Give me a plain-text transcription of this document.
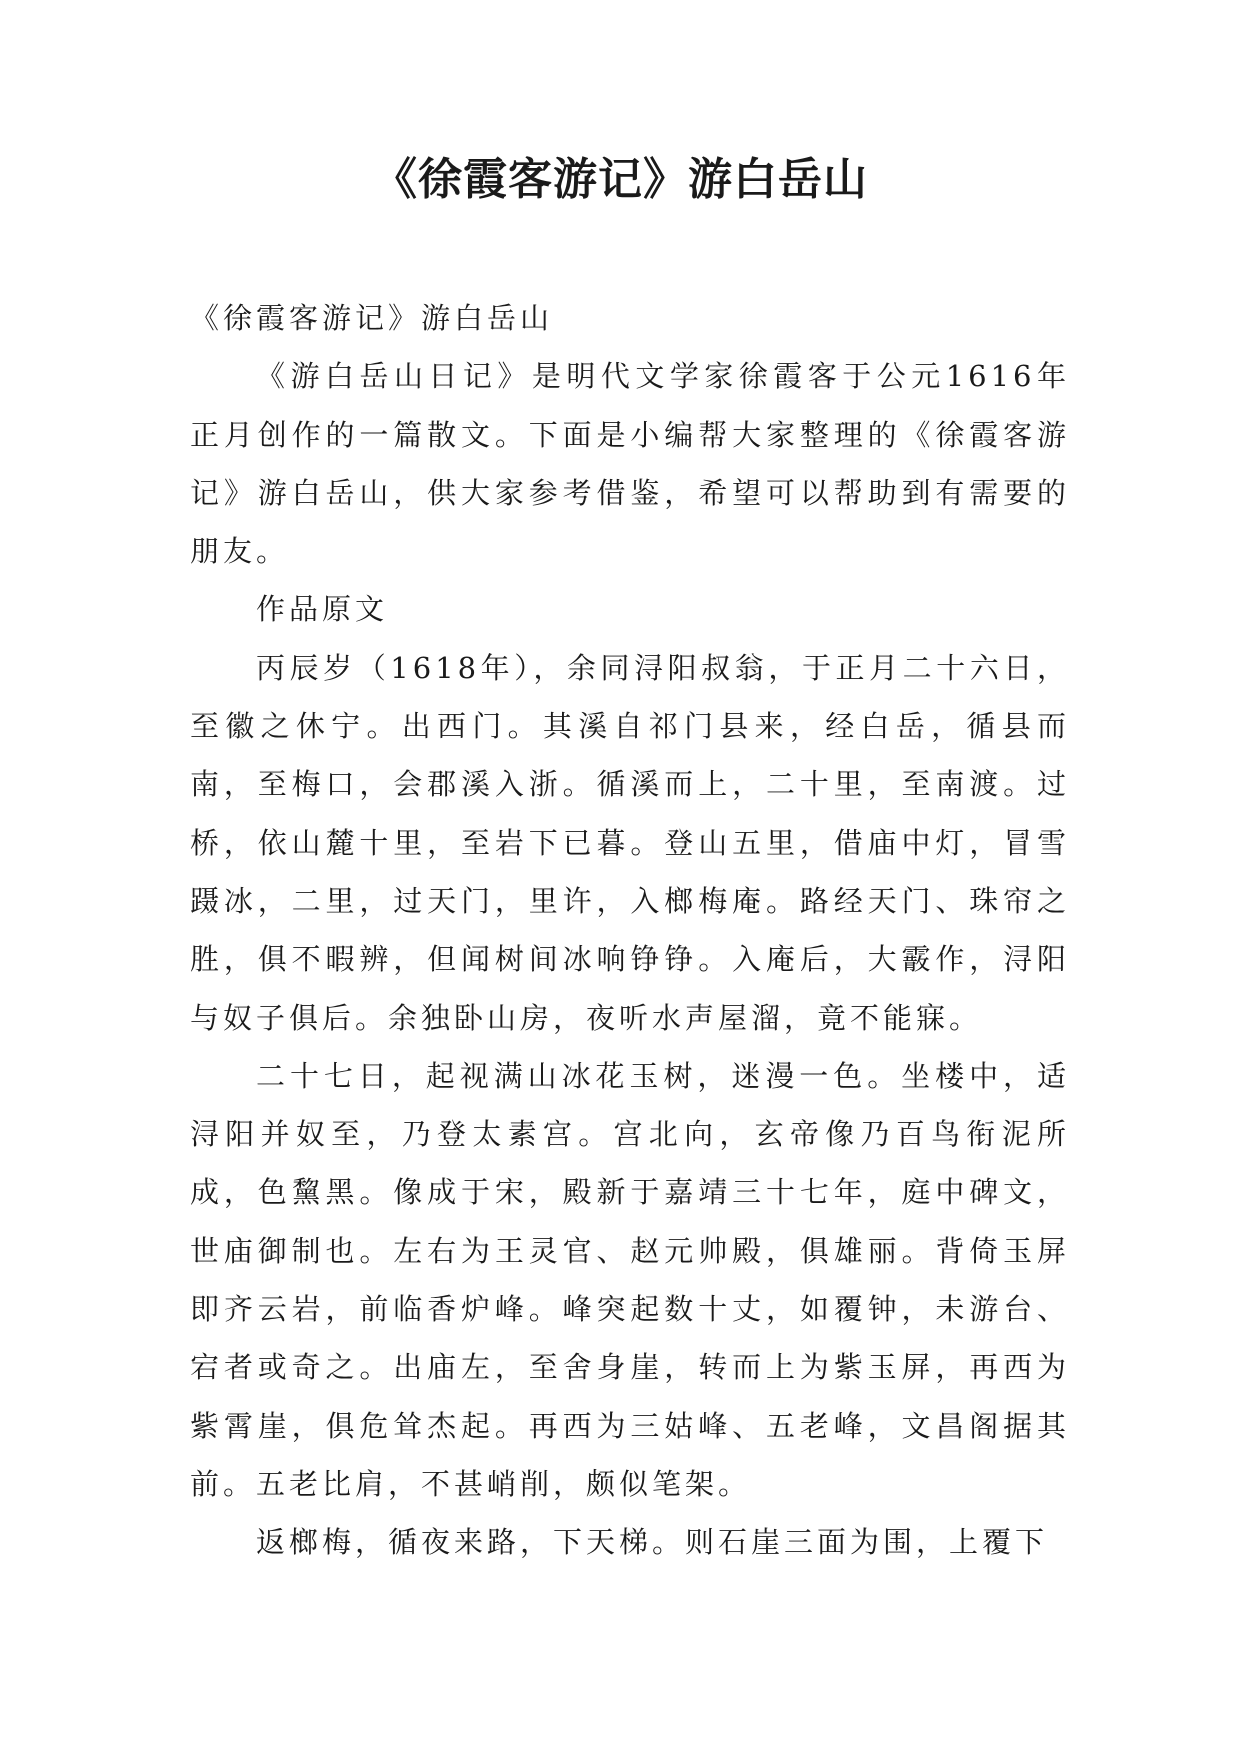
《徐霞客游记》游白岳山

《徐霞客游记》游白岳山

《游白岳山日记》是明代文学家徐霞客于公元1616年正月创作的一篇散文。下面是小编帮大家整理的《徐霞客游记》游白岳山，供大家参考借鉴，希望可以帮助到有需要的朋友。

作品原文

丙辰岁（1618年），余同浔阳叔翁，于正月二十六日，至徽之休宁。出西门。其溪自祁门县来，经白岳，循县而南，至梅口，会郡溪入浙。循溪而上，二十里，至南渡。过桥，依山麓十里，至岩下已暮。登山五里，借庙中灯，冒雪蹑冰，二里，过天门，里许，入榔梅庵。路经天门、珠帘之胜，俱不暇辨，但闻树间冰响铮铮。入庵后，大霰作，浔阳与奴子俱后。余独卧山房，夜听水声屋溜，竟不能寐。

二十七日，起视满山冰花玉树，迷漫一色。坐楼中，适浔阳并奴至，乃登太素宫。宫北向，玄帝像乃百鸟衔泥所成，色黧黑。像成于宋，殿新于嘉靖三十七年，庭中碑文，世庙御制也。左右为王灵官、赵元帅殿，俱雄丽。背倚玉屏即齐云岩，前临香炉峰。峰突起数十丈，如覆钟，未游台、宕者或奇之。出庙左，至舍身崖，转而上为紫玉屏，再西为紫霄崖，俱危耸杰起。再西为三姑峰、五老峰，文昌阁据其前。五老比肩，不甚峭削，颇似笔架。

返榔梅，循夜来路，下天梯。则石崖三面为围，上覆下
